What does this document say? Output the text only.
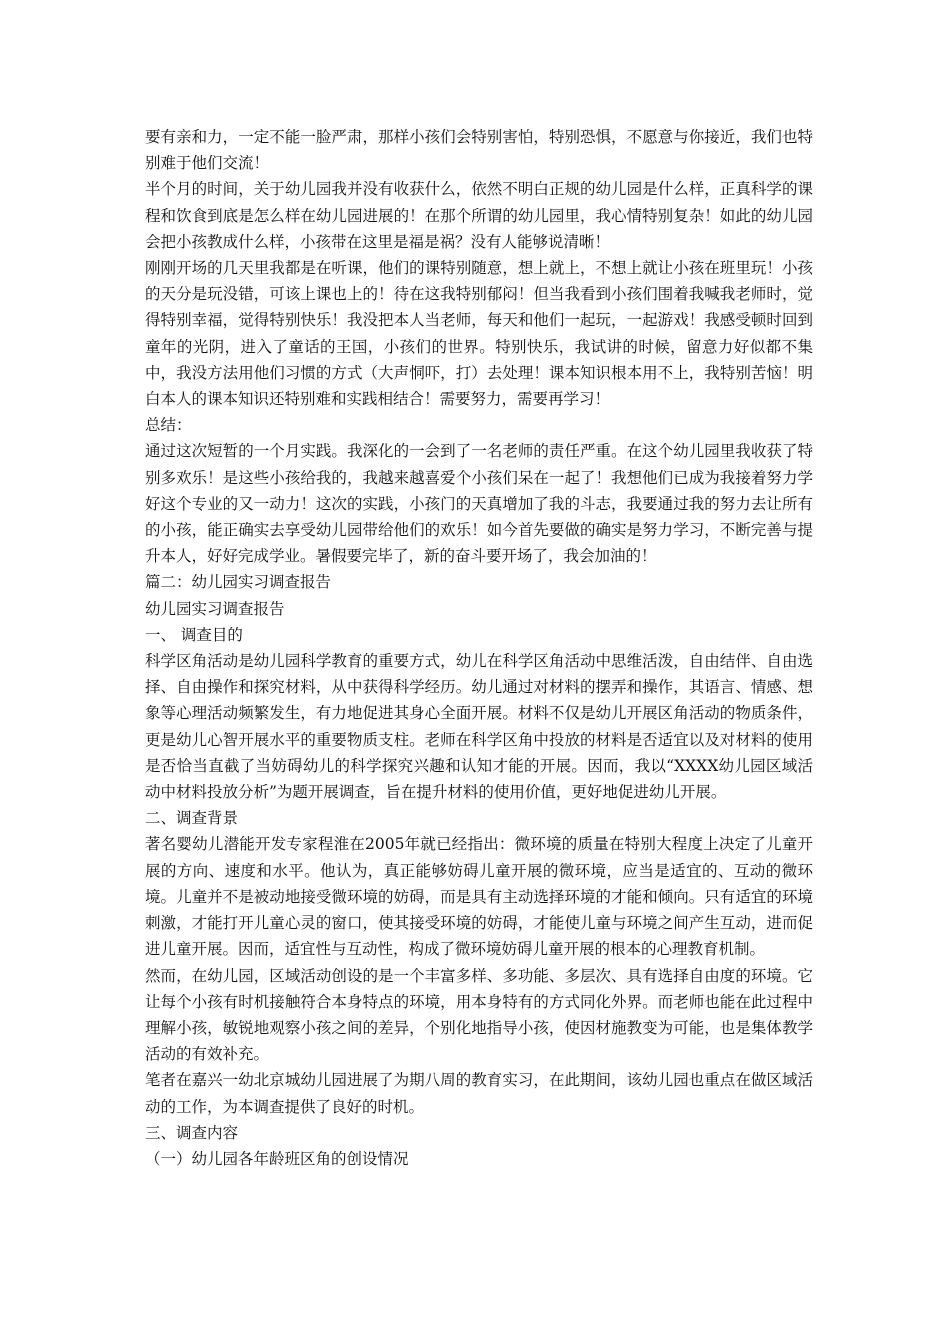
要有亲和力，一定不能一脸严肃，那样小孩们会特别害怕，特别恐惧，不愿意与你接近，我们也特别难于他们交流！

半个月的时间，关于幼儿园我并没有收获什么，依然不明白正规的幼儿园是什么样，正真科学的课程和饮食到底是怎么样在幼儿园进展的！在那个所谓的幼儿园里，我心情特别复杂！如此的幼儿园会把小孩教成什么样，小孩带在这里是福是祸？没有人能够说清晰！

刚刚开场的几天里我都是在听课，他们的课特别随意，想上就上，不想上就让小孩在班里玩！小孩的天分是玩没错，可该上课也上的！待在这我特别郁闷！但当我看到小孩们围着我喊我老师时，觉得特别幸福，觉得特别快乐！我没把本人当老师，每天和他们一起玩，一起游戏！我感受顿时回到童年的光阴，进入了童话的王国，小孩们的世界。特别快乐，我试讲的时候，留意力好似都不集中，我没方法用他们习惯的方式（大声恫吓，打）去处理！课本知识根本用不上，我特别苦恼！明白本人的课本知识还特别难和实践相结合！需要努力，需要再学习！

总结：

通过这次短暂的一个月实践。我深化的一会到了一名老师的责任严重。在这个幼儿园里我收获了特别多欢乐！是这些小孩给我的，我越来越喜爱个小孩们呆在一起了！我想他们已成为我接着努力学好这个专业的又一动力！这次的实践，小孩门的天真增加了我的斗志，我要通过我的努力去让所有的小孩，能正确实去享受幼儿园带给他们的欢乐！如今首先要做的确实是努力学习，不断完善与提升本人，好好完成学业。暑假要完毕了，新的奋斗要开场了，我会加油的！

篇二：幼儿园实习调查报告

幼儿园实习调查报告

一、 调查目的

科学区角活动是幼儿园科学教育的重要方式，幼儿在科学区角活动中思维活泼，自由结伴、自由选择、自由操作和探究材料，从中获得科学经历。幼儿通过对材料的摆弄和操作，其语言、情感、想象等心理活动频繁发生，有力地促进其身心全面开展。材料不仅是幼儿开展区角活动的物质条件，更是幼儿心智开展水平的重要物质支柱。老师在科学区角中投放的材料是否适宜以及对材料的使用是否恰当直截了当妨碍幼儿的科学探究兴趣和认知才能的开展。因而，我以“XXXX幼儿园区域活动中材料投放分析”为题开展调查，旨在提升材料的使用价值，更好地促进幼儿开展。

二、调查背景

著名婴幼儿潜能开发专家程淮在2005年就已经指出：微环境的质量在特别大程度上决定了儿童开展的方向、速度和水平。他认为，真正能够妨碍儿童开展的微环境，应当是适宜的、互动的微环境。儿童并不是被动地接受微环境的妨碍，而是具有主动选择环境的才能和倾向。只有适宜的环境刺激，才能打开儿童心灵的窗口，使其接受环境的妨碍，才能使儿童与环境之间产生互动，进而促进儿童开展。因而，适宜性与互动性，构成了微环境妨碍儿童开展的根本的心理教育机制。

然而，在幼儿园，区域活动创设的是一个丰富多样、多功能、多层次、具有选择自由度的环境。它让每个小孩有时机接触符合本身特点的环境，用本身特有的方式同化外界。而老师也能在此过程中理解小孩，敏锐地观察小孩之间的差异，个别化地指导小孩，使因材施教变为可能，也是集体教学活动的有效补充。

笔者在嘉兴一幼北京城幼儿园进展了为期八周的教育实习，在此期间，该幼儿园也重点在做区域活动的工作，为本调查提供了良好的时机。

三、调查内容

（一）幼儿园各年龄班区角的创设情况
